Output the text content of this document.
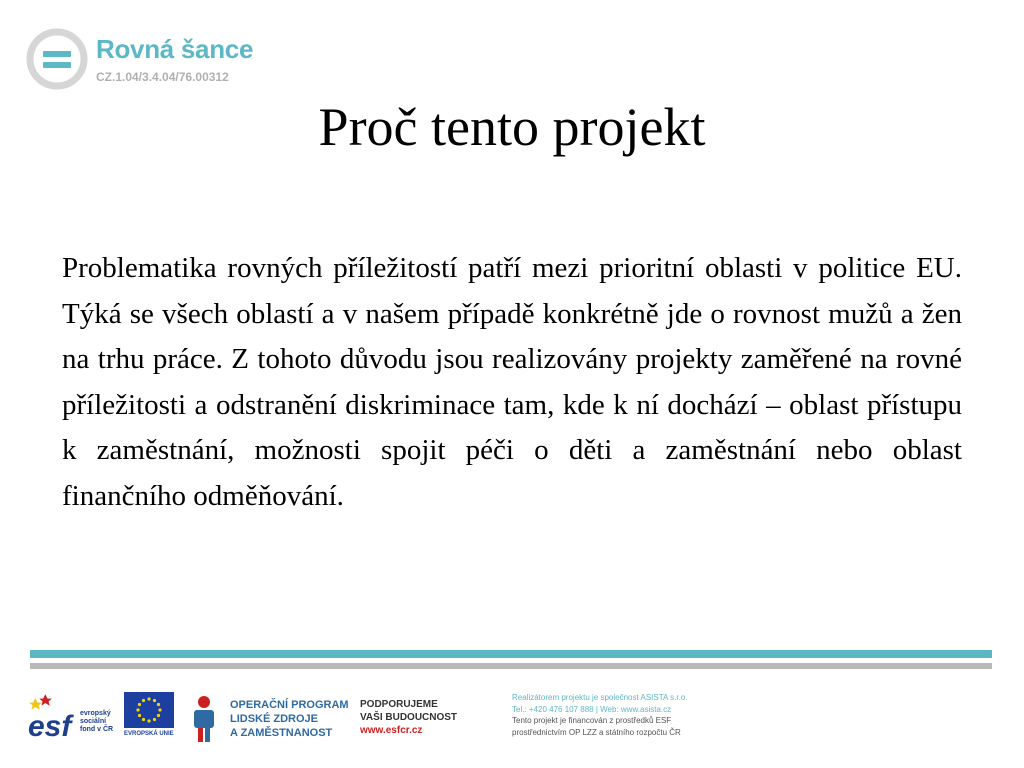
Rovná šance
CZ.1.04/3.4.04/76.00312
Proč tento projekt

Problematika rovných příležitostí patří mezi prioritní oblasti v politice EU. Týká se všech oblastí a v našem případě konkrétně jde o rovnost mužů a žen na trhu práce. Z tohoto důvodu jsou realizovány projekty zaměřené na rovné příležitosti a odstranění diskriminace tam, kde k ní dochází – oblast přístupu k zaměstnání, možnosti spojit péči o děti a zaměstnání nebo oblast finančního odměňování.

esf	evropský
sociální
fond v ČR
EVROPSKÁ UNIE
OPERAČNÍ PROGRAM
LIDSKÉ ZDROJE
A ZAMĚSTNANOST
PODPORUJEME
VAŠI BUDOUCNOST
www.esfcr.cz
Realizátorem projektu je společnost ASISTA s.r.o.
Tel.: +420 476 107 888 | Web: www.asista.cz
Tento projekt je financován z prostředků ESF
prostřednictvím OP LZZ a státního rozpočtu ČR
